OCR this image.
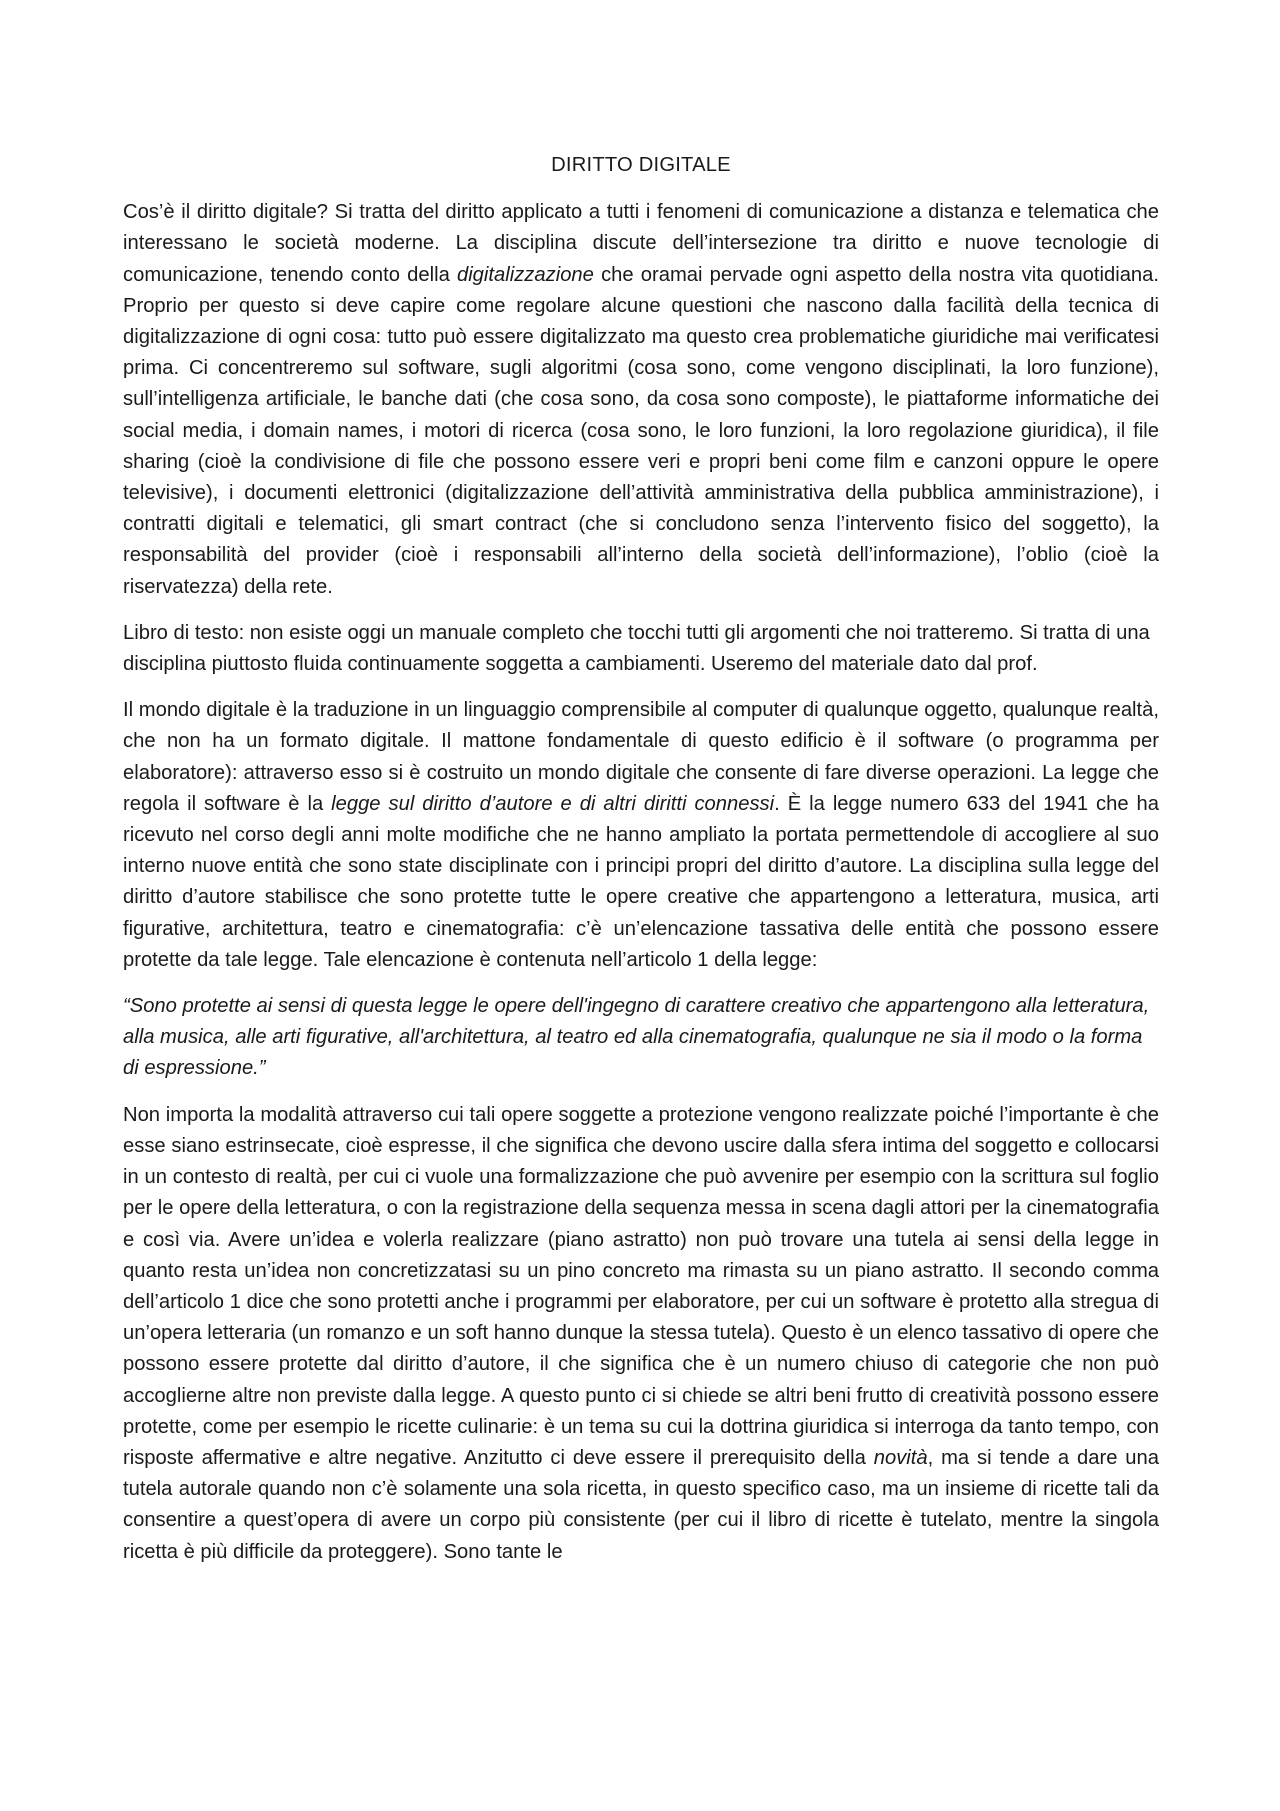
DIRITTO DIGITALE

Cos’è il diritto digitale? Si tratta del diritto applicato a tutti i fenomeni di comunicazione a distanza e telematica che interessano le società moderne. La disciplina discute dell’intersezione tra diritto e nuove tecnologie di comunicazione, tenendo conto della digitalizzazione che oramai pervade ogni aspetto della nostra vita quotidiana. Proprio per questo si deve capire come regolare alcune questioni che nascono dalla facilità della tecnica di digitalizzazione di ogni cosa: tutto può essere digitalizzato ma questo crea problematiche giuridiche mai verificatesi prima. Ci concentreremo sul software, sugli algoritmi (cosa sono, come vengono disciplinati, la loro funzione), sull’intelligenza artificiale, le banche dati (che cosa sono, da cosa sono composte), le piattaforme informatiche dei social media, i domain names, i motori di ricerca (cosa sono, le loro funzioni, la loro regolazione giuridica), il file sharing (cioè la condivisione di file che possono essere veri e propri beni come film e canzoni oppure le opere televisive), i documenti elettronici (digitalizzazione dell’attività amministrativa della pubblica amministrazione), i contratti digitali e telematici, gli smart contract (che si concludono senza l’intervento fisico del soggetto), la responsabilità del provider (cioè i responsabili all’interno della società dell’informazione), l’oblio (cioè la riservatezza) della rete.

Libro di testo: non esiste oggi un manuale completo che tocchi tutti gli argomenti che noi tratteremo. Si tratta di una disciplina piuttosto fluida continuamente soggetta a cambiamenti. Useremo del materiale dato dal prof.

Il mondo digitale è la traduzione in un linguaggio comprensibile al computer di qualunque oggetto, qualunque realtà, che non ha un formato digitale. Il mattone fondamentale di questo edificio è il software (o programma per elaboratore): attraverso esso si è costruito un mondo digitale che consente di fare diverse operazioni. La legge che regola il software è la legge sul diritto d’autore e di altri diritti connessi. È la legge numero 633 del 1941 che ha ricevuto nel corso degli anni molte modifiche che ne hanno ampliato la portata permettendole di accogliere al suo interno nuove entità che sono state disciplinate con i principi propri del diritto d’autore. La disciplina sulla legge del diritto d’autore stabilisce che sono protette tutte le opere creative che appartengono a letteratura, musica, arti figurative, architettura, teatro e cinematografia: c’è un’elencazione tassativa delle entità che possono essere protette da tale legge. Tale elencazione è contenuta nell’articolo 1 della legge:

“Sono protette ai sensi di questa legge le opere dell'ingegno di carattere creativo che appartengono alla letteratura, alla musica, alle arti figurative, all'architettura, al teatro ed alla cinematografia, qualunque ne sia il modo o la forma di espressione.”

Non importa la modalità attraverso cui tali opere soggette a protezione vengono realizzate poiché l’importante è che esse siano estrinsecate, cioè espresse, il che significa che devono uscire dalla sfera intima del soggetto e collocarsi in un contesto di realtà, per cui ci vuole una formalizzazione che può avvenire per esempio con la scrittura sul foglio per le opere della letteratura, o con la registrazione della sequenza messa in scena dagli attori per la cinematografia e così via. Avere un’idea e volerla realizzare (piano astratto) non può trovare una tutela ai sensi della legge in quanto resta un’idea non concretizzatasi su un pino concreto ma rimasta su un piano astratto. Il secondo comma dell’articolo 1 dice che sono protetti anche i programmi per elaboratore, per cui un software è protetto alla stregua di un’opera letteraria (un romanzo e un soft hanno dunque la stessa tutela). Questo è un elenco tassativo di opere che possono essere protette dal diritto d’autore, il che significa che è un numero chiuso di categorie che non può accoglierne altre non previste dalla legge. A questo punto ci si chiede se altri beni frutto di creatività possono essere protette, come per esempio le ricette culinarie: è un tema su cui la dottrina giuridica si interroga da tanto tempo, con risposte affermative e altre negative. Anzitutto ci deve essere il prerequisito della novità, ma si tende a dare una tutela autorale quando non c’è solamente una sola ricetta, in questo specifico caso, ma un insieme di ricette tali da consentire a quest’opera di avere un corpo più consistente (per cui il libro di ricette è tutelato, mentre la singola ricetta è più difficile da proteggere). Sono tante le
